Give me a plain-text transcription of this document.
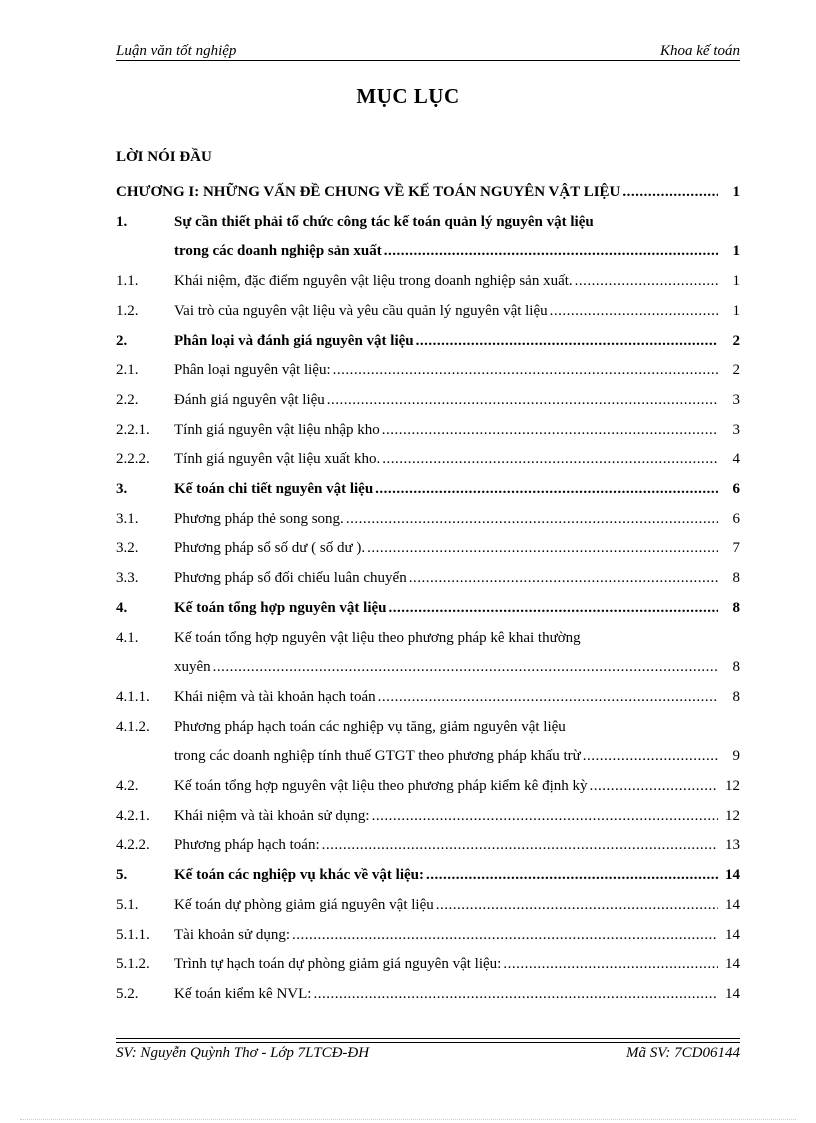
Luận văn tốt nghiệp	Khoa kế toán
MỤC LỤC
LỜI NÓI ĐẦU
CHƯƠNG I: NHỮNG VẤN ĐỀ CHUNG VỀ KẾ TOÁN NGUYÊN VẬT LIỆU .....	1
1.	Sự cần thiết phải tổ chức công tác kế toán quản lý nguyên vật liệu
trong các doanh nghiệp sản xuất .....	1
1.1.	Khái niệm, đặc điểm nguyên vật liệu trong doanh nghiệp sản xuất. .....	1
1.2.	Vai trò của nguyên vật liệu và yêu cầu quản lý nguyên vật liệu .....	1
2.	Phân loại và đánh giá nguyên vật liệu .....	2
2.1.	Phân loại nguyên vật liệu: .....	2
2.2.	Đánh giá nguyên vật liệu .....	3
2.2.1.	Tính giá nguyên vật liệu nhập kho .....	3
2.2.2.	Tính giá nguyên vật liệu xuất kho. .....	4
3.	Kế toán chi tiết nguyên vật liệu .....	6
3.1.	Phương pháp thẻ song song. .....	6
3.2.	Phương pháp sổ số dư ( số dư ). .....	7
3.3.	Phương pháp sổ đối chiếu luân chuyển .....	8
4.	Kế toán tổng hợp nguyên vật liệu .....	8
4.1.	Kế toán tổng hợp nguyên vật liệu theo phương pháp kê khai thường
xuyên .....	8
4.1.1.	Khái niệm và tài khoản hạch toán .....	8
4.1.2.	Phương pháp hạch toán các nghiệp vụ tăng, giảm nguyên vật liệu
trong các doanh nghiệp tính thuế GTGT theo phương pháp khấu trừ .....	9
4.2.	Kế toán tổng hợp nguyên vật liệu theo phương pháp kiểm kê định kỳ .....	12
4.2.1.	Khái niệm và tài khoản sử dụng: .....	12
4.2.2.	Phương pháp hạch toán: .....	13
5.	Kế toán các nghiệp vụ khác về vật liệu: .....	14
5.1.	Kế toán dự phòng giảm giá nguyên vật liệu .....	14
5.1.1.	Tài khoản sử dụng: .....	14
5.1.2.	Trình tự hạch toán dự phòng giảm giá nguyên vật liệu: .....	14
5.2.	Kế toán kiểm kê NVL: .....	14
SV: Nguyễn Quỳnh Thơ - Lớp 7LTCĐ-ĐH	Mã SV: 7CD06144
